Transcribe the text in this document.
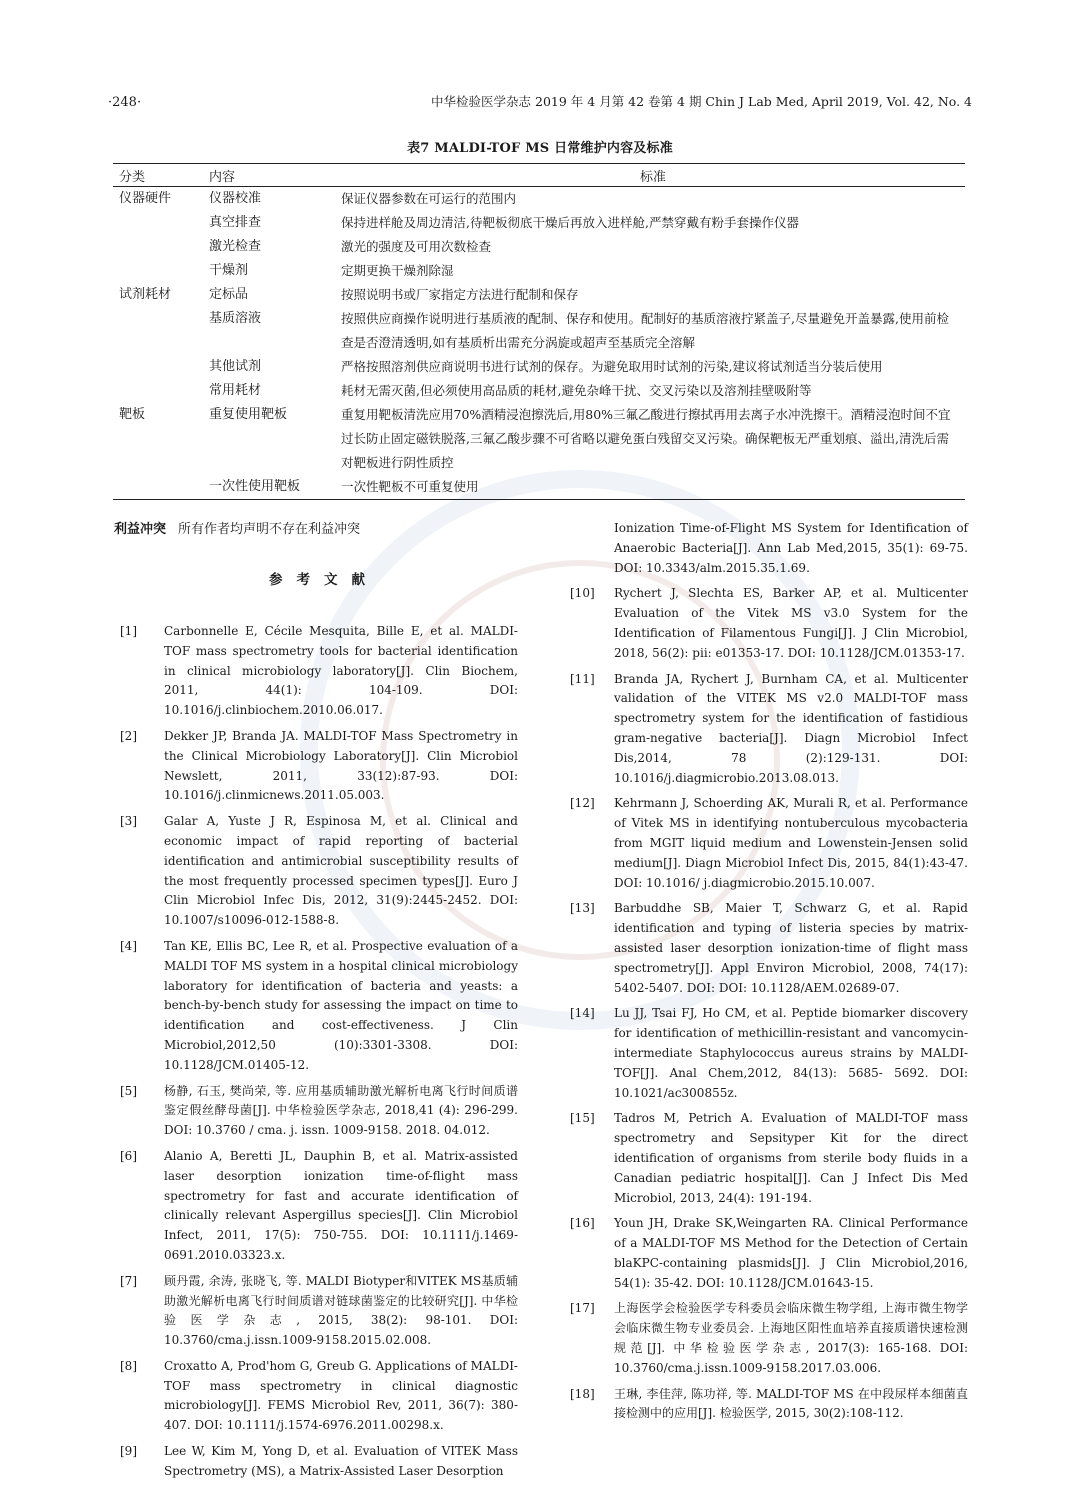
·248·	中华检验医学杂志 2019 年 4 月第 42 卷第 4 期 Chin J Lab Med, April 2019, Vol. 42, No. 4
表7 MALDI-TOF MS 日常维护内容及标准
分类	内容	标准
仪器硬件	仪器校准	保证仪器参数在可运行的范围内
	真空排查	保持进样舱及周边清洁,待靶板彻底干燥后再放入进样舱,严禁穿戴有粉手套操作仪器
	激光检查	激光的强度及可用次数检查
	干燥剂	定期更换干燥剂除湿
试剂耗材	定标品	按照说明书或厂家指定方法进行配制和保存
	基质溶液	按照供应商操作说明进行基质液的配制、保存和使用。配制好的基质溶液拧紧盖子,尽量避免开盖暴露,使用前检查是否澄清透明,如有基质析出需充分涡旋或超声至基质完全溶解
	其他试剂	严格按照溶剂供应商说明书进行试剂的保存。为避免取用时试剂的污染,建议将试剂适当分装后使用
	常用耗材	耗材无需灭菌,但必须使用高品质的耗材,避免杂峰干扰、交叉污染以及溶剂挂壁吸附等
靶板	重复使用靶板	重复用靶板清洗应用70%酒精浸泡擦洗后,用80%三氟乙酸进行擦拭再用去离子水冲洗擦干。酒精浸泡时间不宜过长防止固定磁铁脱落,三氟乙酸步骤不可省略以避免蛋白残留交叉污染。确保靶板无严重划痕、溢出,清洗后需对靶板进行阴性质控
	一次性使用靶板	一次性靶板不可重复使用
利益冲突 所有作者均声明不存在利益冲突
参考文献
[1]	Carbonnelle E, Cécile Mesquita, Bille E, et al. MALDI-TOF mass spectrometry tools for bacterial identification in clinical microbiology laboratory[J]. Clin Biochem, 2011, 44(1): 104-109. DOI: 10.1016/j.clinbiochem.2010.06.017.
[2]	Dekker JP, Branda JA. MALDI-TOF Mass Spectrometry in the Clinical Microbiology Laboratory[J]. Clin Microbiol Newslett, 2011, 33(12):87-93. DOI: 10.1016/j.clinmicnews.2011.05.003.
[3]	Galar A, Yuste J R, Espinosa M, et al. Clinical and economic impact of rapid reporting of bacterial identification and antimicrobial susceptibility results of the most frequently processed specimen types[J]. Euro J Clin Microbiol Infec Dis, 2012, 31(9):2445-2452. DOI: 10.1007/s10096-012-1588-8.
[4]	Tan KE, Ellis BC, Lee R, et al. Prospective evaluation of a MALDI TOF MS system in a hospital clinical microbiology laboratory for identification of bacteria and yeasts: a bench-by-bench study for assessing the impact on time to identification and cost-effectiveness. J Clin Microbiol,2012,50 (10):3301-3308. DOI: 10.1128/JCM.01405-12.
[5]	杨静, 石玉, 樊尚荣, 等. 应用基质辅助激光解析电离飞行时间质谱鉴定假丝酵母菌[J]. 中华检验医学杂志, 2018,41 (4): 296-299. DOI: 10.3760 / cma. j. issn. 1009-9158. 2018. 04.012.
[6]	Alanio A, Beretti JL, Dauphin B, et al. Matrix-assisted laser desorption ionization time-of-flight mass spectrometry for fast and accurate identification of clinically relevant Aspergillus species[J]. Clin Microbiol Infect, 2011, 17(5): 750-755. DOI: 10.1111/j.1469-0691.2010.03323.x.
[7]	顾丹霞, 余涛, 张晓飞, 等. MALDI Biotyper和VITEK MS基质辅助激光解析电离飞行时间质谱对链球菌鉴定的比较研究[J]. 中华检验医学杂志, 2015, 38(2): 98-101. DOI: 10.3760/cma.j.issn.1009-9158.2015.02.008.
[8]	Croxatto A, Prod'hom G, Greub G. Applications of MALDI-TOF mass spectrometry in clinical diagnostic microbiology[J]. FEMS Microbiol Rev, 2011, 36(7): 380-407. DOI: 10.1111/j.1574-6976.2011.00298.x.
[9]	Lee W, Kim M, Yong D, et al. Evaluation of VITEK Mass Spectrometry (MS), a Matrix-Assisted Laser Desorption
Ionization Time-of-Flight MS System for Identification of Anaerobic Bacteria[J]. Ann Lab Med,2015, 35(1): 69-75. DOI: 10.3343/alm.2015.35.1.69.
[10]	Rychert J, Slechta ES, Barker AP, et al. Multicenter Evaluation of the Vitek MS v3.0 System for the Identification of Filamentous Fungi[J]. J Clin Microbiol, 2018, 56(2): pii: e01353-17. DOI: 10.1128/JCM.01353-17.
[11]	Branda JA, Rychert J, Burnham CA, et al. Multicenter validation of the VITEK MS v2.0 MALDI-TOF mass spectrometry system for the identification of fastidious gram-negative bacteria[J]. Diagn Microbiol Infect Dis,2014, 78 (2):129-131. DOI: 10.1016/j.diagmicrobio.2013.08.013.
[12]	Kehrmann J, Schoerding AK, Murali R, et al. Performance of Vitek MS in identifying nontuberculous mycobacteria from MGIT liquid medium and Lowenstein-Jensen solid medium[J]. Diagn Microbiol Infect Dis, 2015, 84(1):43-47. DOI: 10.1016/ j.diagmicrobio.2015.10.007.
[13]	Barbuddhe SB, Maier T, Schwarz G, et al. Rapid identification and typing of listeria species by matrix-assisted laser desorption ionization-time of flight mass spectrometry[J]. Appl Environ Microbiol, 2008, 74(17): 5402-5407. DOI: DOI: 10.1128/AEM.02689-07.
[14]	Lu JJ, Tsai FJ, Ho CM, et al. Peptide biomarker discovery for identification of methicillin-resistant and vancomycin-intermediate Staphylococcus aureus strains by MALDI-TOF[J]. Anal Chem,2012, 84(13): 5685- 5692. DOI: 10.1021/ac300855z.
[15]	Tadros M, Petrich A. Evaluation of MALDI-TOF mass spectrometry and Sepsityper Kit for the direct identification of organisms from sterile body fluids in a Canadian pediatric hospital[J]. Can J Infect Dis Med Microbiol, 2013, 24(4): 191-194.
[16]	Youn JH, Drake SK,Weingarten RA. Clinical Performance of a MALDI-TOF MS Method for the Detection of Certain blaKPC-containing plasmids[J]. J Clin Microbiol,2016, 54(1): 35-42. DOI: 10.1128/JCM.01643-15.
[17]	上海医学会检验医学专科委员会临床微生物学组, 上海市微生物学会临床微生物专业委员会. 上海地区阳性血培养直接质谱快速检测规范[J]. 中华检验医学杂志, 2017(3): 165-168. DOI: 10.3760/cma.j.issn.1009-9158.2017.03.006.
[18]	王琳, 李佳萍, 陈功祥, 等. MALDI-TOF MS 在中段尿样本细菌直接检测中的应用[J]. 检验医学, 2015, 30(2):108-112.
